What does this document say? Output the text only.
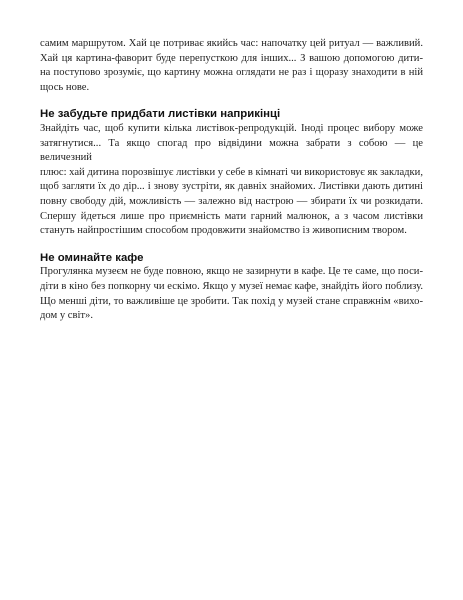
самим маршрутом. Хай це потриває якийсь час: напочатку цей ритуал — важливий.
Хай ця картина-фаворит буде перепусткою для інших... З вашою допомогою дити-
на поступово зрозуміє, що картину можна оглядати не раз і щоразу знаходити в ній
щось нове.
Не забудьте придбати листівки наприкінці
Знайдіть час, щоб купити кілька листівок-репродукцій. Іноді процес вибору може
затягнутися... Та якщо спогад про відвідини можна забрати з собою — це величезний
плюс: хай дитина порозвішує листівки у себе в кімнаті чи використовує як закладки,
щоб загляти їх до дір... і знову зустріти, як давніх знайомих. Листівки дають дитині
повну свободу дій, можливість — залежно від настрою — збирати їх чи розкидати.
Спершу йдеться лише про приємність мати гарний малюнок, а з часом листівки
стануть найпростішим способом продовжити знайомство із живописним твором.
Не оминайте кафе
Прогулянка музеєм не буде повною, якщо не зазирнути в кафе. Це те саме, що поси-
діти в кіно без попкорну чи ескімо. Якщо у музеї немає кафе, знайдіть його поблизу.
Що менші діти, то важливіше це зробити. Так похід у музей стане справжнім «вихо-
дом у світ».
